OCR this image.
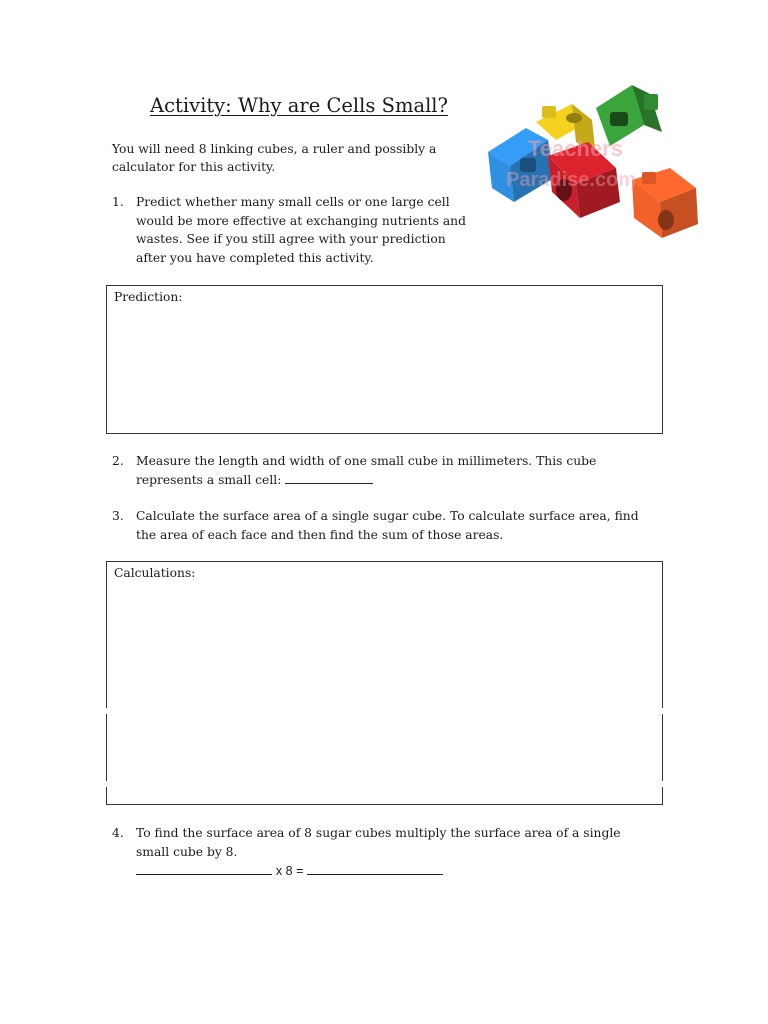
Activity: Why are Cells Small?
You will need 8 linking cubes, a ruler and possibly a
calculator for this activity.
1. Predict whether many small cells or one large cell
would be more effective at exchanging nutrients and
wastes. See if you still agree with your prediction
after you have completed this activity.
Prediction:
2. Measure the length and width of one small cube in millimeters. This cube
represents a small cell:
3. Calculate the surface area of a single sugar cube. To calculate surface area, find
the area of each face and then find the sum of those areas.
Calculations:
4. To find the surface area of 8 sugar cubes multiply the surface area of a single
small cube by 8.
x 8 =
Teachers
Paradise.com
